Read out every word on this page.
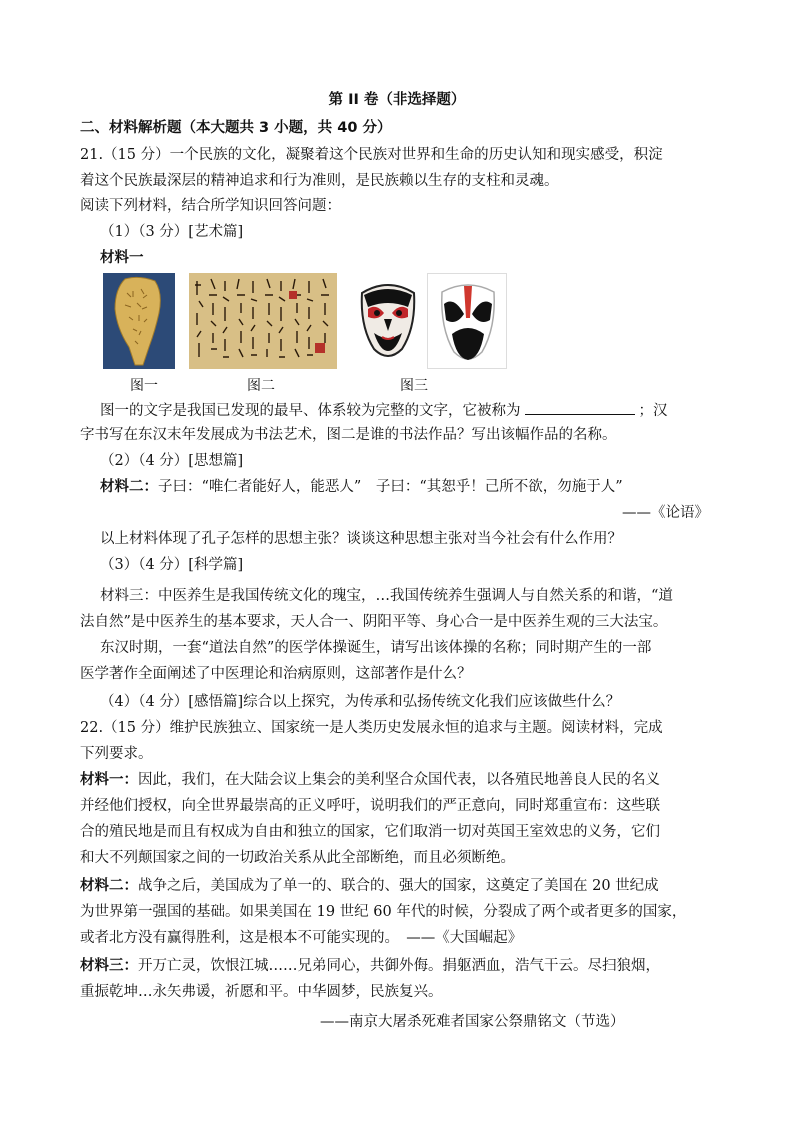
第 II 卷（非选择题）
二、材料解析题（本大题共 3 小题，共 40 分）
21.（15 分）一个民族的文化，凝聚着这个民族对世界和生命的历史认知和现实感受，积淀
着这个民族最深层的精神追求和行为准则，是民族赖以生存的支柱和灵魂。
阅读下列材料，结合所学知识回答问题：
（1）（3 分）[艺术篇]
材料一
图一	图二	图三
图一的文字是我国已发现的最早、体系较为完整的文字，它被称为	；汉
字书写在东汉末年发展成为书法艺术，图二是谁的书法作品？写出该幅作品的名称。
（2）（4 分）[思想篇]
材料二：子曰：“唯仁者能好人，能恶人”　子曰：“其恕乎！己所不欲，勿施于人”
——《论语》
以上材料体现了孔子怎样的思想主张？谈谈这种思想主张对当今社会有什么作用？
（3）（4 分）[科学篇]
材料三：中医养生是我国传统文化的瑰宝，…我国传统养生强调人与自然关系的和谐，“道
法自然”是中医养生的基本要求，天人合一、阴阳平等、身心合一是中医养生观的三大法宝。
东汉时期，一套“道法自然”的医学体操诞生，请写出该体操的名称；同时期产生的一部
医学著作全面阐述了中医理论和治病原则，这部著作是什么？
（4）（4 分）[感悟篇]综合以上探究，为传承和弘扬传统文化我们应该做些什么？
22.（15 分）维护民族独立、国家统一是人类历史发展永恒的追求与主题。阅读材料，完成
下列要求。
材料一：因此，我们，在大陆会议上集会的美利坚合众国代表，以各殖民地善良人民的名义
并经他们授权，向全世界最崇高的正义呼吁，说明我们的严正意向，同时郑重宣布：这些联
合的殖民地是而且有权成为自由和独立的国家，它们取消一切对英国王室效忠的义务，它们
和大不列颠国家之间的一切政治关系从此全部断绝，而且必须断绝。
材料二：战争之后，美国成为了单一的、联合的、强大的国家，这奠定了美国在 20 世纪成
为世界第一强国的基础。如果美国在 19 世纪 60 年代的时候，分裂成了两个或者更多的国家，
或者北方没有赢得胜利，这是根本不可能实现的。　——《大国崛起》
材料三：开万亡灵，饮恨江城……兄弟同心，共御外侮。捐躯洒血，浩气干云。尽扫狼烟，
重振乾坤…永矢弗谖，祈愿和平。中华圆梦，民族复兴。
——南京大屠杀死难者国家公祭鼎铭文（节选）
